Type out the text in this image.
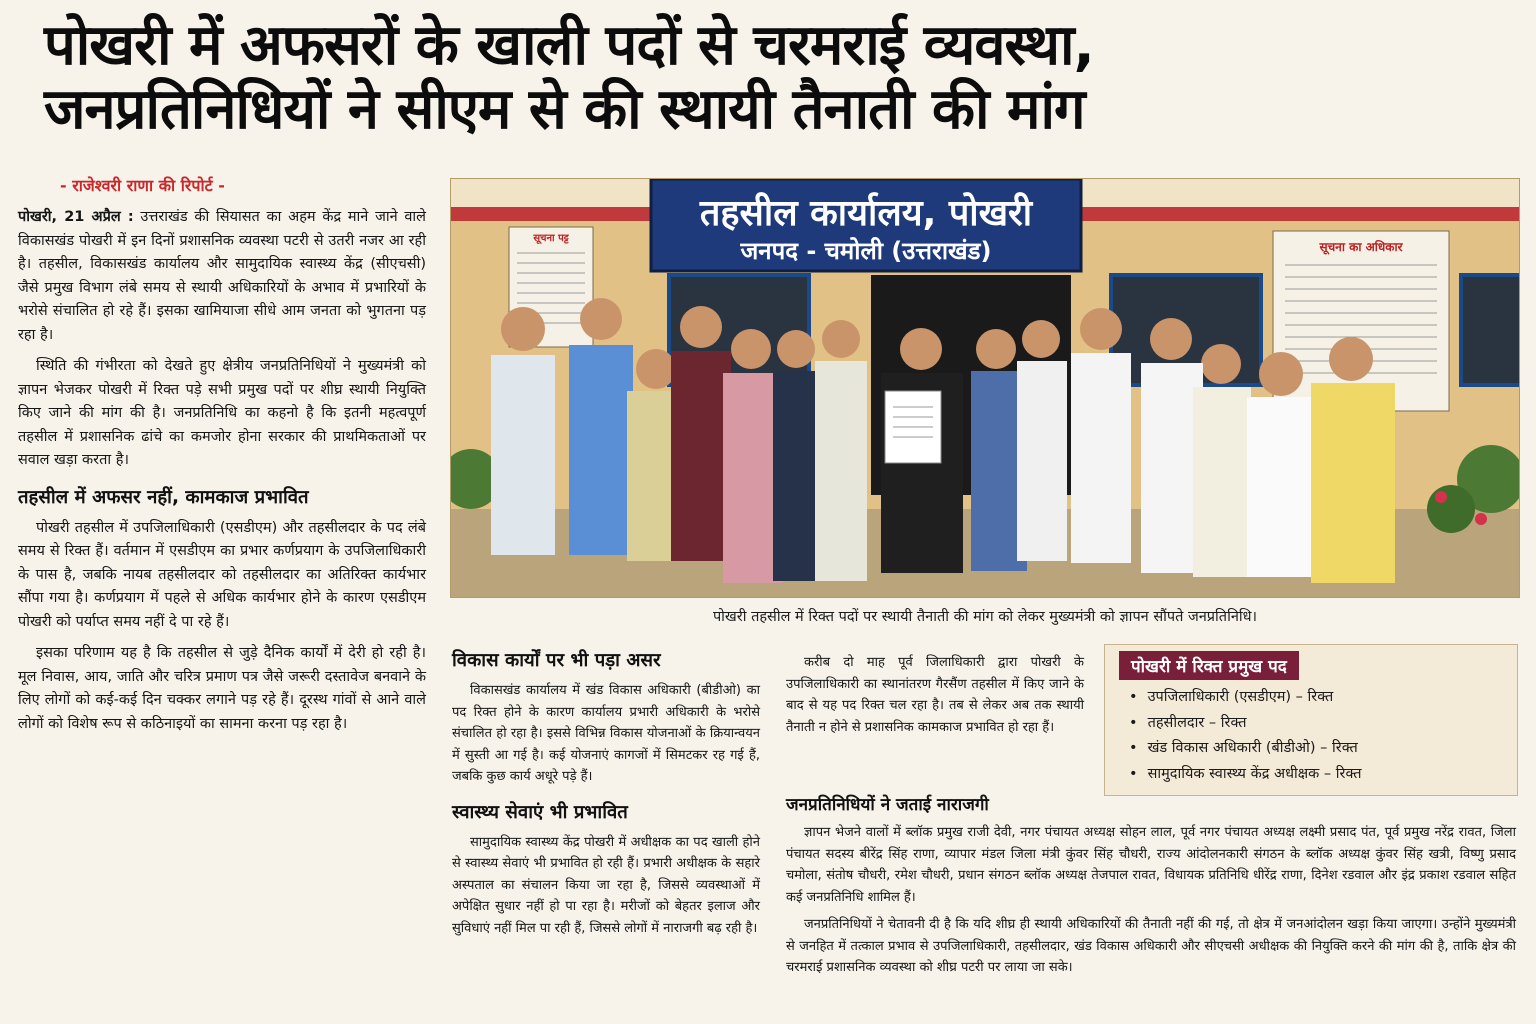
पोखरी में अफसरों के खाली पदों से चरमराई व्यवस्था,
जनप्रतिनिधियों ने सीएम से की स्थायी तैनाती की मांग
- राजेश्वरी राणा की रिपोर्ट -

पोखरी, 21 अप्रैल : उत्तराखंड की सियासत का अहम केंद्र माने जाने वाले विकासखंड पोखरी में इन दिनों प्रशासनिक व्यवस्था पटरी से उतरी नजर आ रही है। तहसील, विकासखंड कार्यालय और सामुदायिक स्वास्थ्य केंद्र (सीएचसी) जैसे प्रमुख विभाग लंबे समय से स्थायी अधिकारियों के अभाव में प्रभारियों के भरोसे संचालित हो रहे हैं। इसका खामियाजा सीधे आम जनता को भुगतना पड़ रहा है।

स्थिति की गंभीरता को देखते हुए क्षेत्रीय जनप्रतिनिधियों ने मुख्यमंत्री को ज्ञापन भेजकर पोखरी में रिक्त पड़े सभी प्रमुख पदों पर शीघ्र स्थायी नियुक्ति किए जाने की मांग की है। जनप्रतिनिधि का कहनो है कि इतनी महत्वपूर्ण तहसील में प्रशासनिक ढांचे का कमजोर होना सरकार की प्राथमिकताओं पर सवाल खड़ा करता है।

तहसील में अफसर नहीं, कामकाज प्रभावित

पोखरी तहसील में उपजिलाधिकारी (एसडीएम) और तहसीलदार के पद लंबे समय से रिक्त हैं। वर्तमान में एसडीएम का प्रभार कर्णप्रयाग के उपजिलाधिकारी के पास है, जबकि नायब तहसीलदार को तहसीलदार का अतिरिक्त कार्यभार सौंपा गया है। कर्णप्रयाग में पहले से अधिक कार्यभार होने के कारण एसडीएम पोखरी को पर्याप्त समय नहीं दे पा रहे हैं।

इसका परिणाम यह है कि तहसील से जुड़े दैनिक कार्यों में देरी हो रही है। मूल निवास, आय, जाति और चरित्र प्रमाण पत्र जैसे जरूरी दस्तावेज बनवाने के लिए लोगों को कई-कई दिन चक्कर लगाने पड़ रहे हैं। दूरस्थ गांवों से आने वाले लोगों को विशेष रूप से कठिनाइयों का सामना करना पड़ रहा है।

तहसील कार्यालय, पोखरी
जनपद - चमोली (उत्तराखंड)
सूचना पट्ट
सूचना का अधिकार
पोखरी तहसील में रिक्त पदों पर स्थायी तैनाती की मांग को लेकर मुख्यमंत्री को ज्ञापन सौंपते जनप्रतिनिधि।
विकास कार्यों पर भी पड़ा असर

विकासखंड कार्यालय में खंड विकास अधिकारी (बीडीओ) का पद रिक्त होने के कारण कार्यालय प्रभारी अधिकारी के भरोसे संचालित हो रहा है। इससे विभिन्न विकास योजनाओं के क्रियान्वयन में सुस्ती आ गई है। कई योजनाएं कागजों में सिमटकर रह गई हैं, जबकि कुछ कार्य अधूरे पड़े हैं।

स्वास्थ्य सेवाएं भी प्रभावित

सामुदायिक स्वास्थ्य केंद्र पोखरी में अधीक्षक का पद खाली होने से स्वास्थ्य सेवाएं भी प्रभावित हो रही हैं। प्रभारी अधीक्षक के सहारे अस्पताल का संचालन किया जा रहा है, जिससे व्यवस्थाओं में अपेक्षित सुधार नहीं हो पा रहा है। मरीजों को बेहतर इलाज और सुविधाएं नहीं मिल पा रही हैं, जिससे लोगों में नाराजगी बढ़ रही है।

करीब दो माह पूर्व जिलाधिकारी द्वारा पोखरी के उपजिलाधिकारी का स्थानांतरण गैरसैंण तहसील में किए जाने के बाद से यह पद रिक्त चल रहा है। तब से लेकर अब तक स्थायी तैनाती न होने से प्रशासनिक कामकाज प्रभावित हो रहा हैं।

पोखरी में रिक्त प्रमुख पद
• उपजिलाधिकारी (एसडीएम) – रिक्त
• तहसीलदार – रिक्त
• खंड विकास अधिकारी (बीडीओ) – रिक्त
• सामुदायिक स्वास्थ्य केंद्र अधीक्षक – रिक्त
जनप्रतिनिधियों ने जताई नाराजगी

ज्ञापन भेजने वालों में ब्लॉक प्रमुख राजी देवी, नगर पंचायत अध्यक्ष सोहन लाल, पूर्व नगर पंचायत अध्यक्ष लक्ष्मी प्रसाद पंत, पूर्व प्रमुख नरेंद्र रावत, जिला पंचायत सदस्य बीरेंद्र सिंह राणा, व्यापार मंडल जिला मंत्री कुंवर सिंह चौधरी, राज्य आंदोलनकारी संगठन के ब्लॉक अध्यक्ष कुंवर सिंह खत्री, विष्णु प्रसाद चमोला, संतोष चौधरी, रमेश चौधरी, प्रधान संगठन ब्लॉक अध्यक्ष तेजपाल रावत, विधायक प्रतिनिधि धीरेंद्र राणा, दिनेश रडवाल और इंद्र प्रकाश रडवाल सहित कई जनप्रतिनिधि शामिल हैं।

जनप्रतिनिधियों ने चेतावनी दी है कि यदि शीघ्र ही स्थायी अधिकारियों की तैनाती नहीं की गई, तो क्षेत्र में जनआंदोलन खड़ा किया जाएगा। उन्होंने मुख्यमंत्री से जनहित में तत्काल प्रभाव से उपजिलाधिकारी, तहसीलदार, खंड विकास अधिकारी और सीएचसी अधीक्षक की नियुक्ति करने की मांग की है, ताकि क्षेत्र की चरमराई प्रशासनिक व्यवस्था को शीघ्र पटरी पर लाया जा सके।
